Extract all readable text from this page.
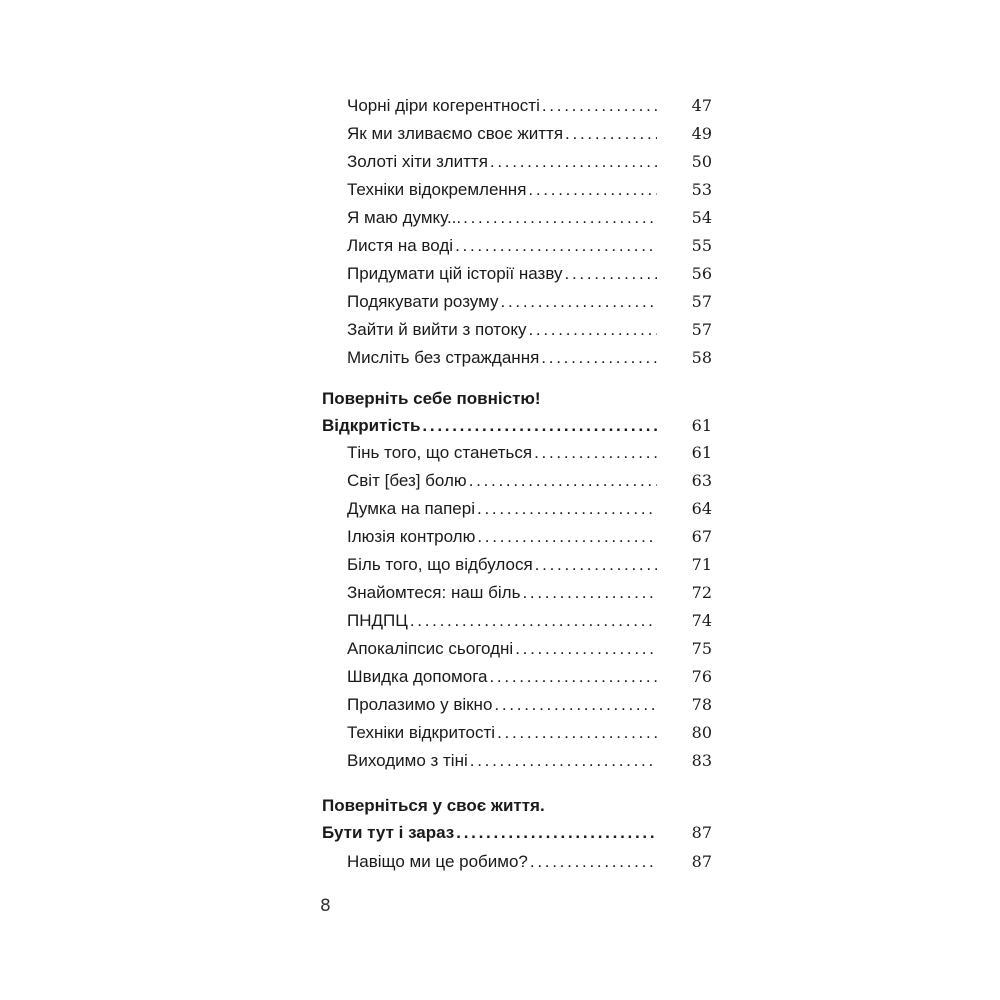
Чорні діри когерентності . . .	47
Як ми зливаємо своє життя . . .	49
Золоті хіти злиття . . .	50
Техніки відокремлення . . .	53
Я маю думку... . . .	54
Листя на воді . . .	55
Придумати цій історії назву . . .	56
Подякувати розуму . . .	57
Зайти й вийти з потоку . . .	57
Мисліть без страждання . . .	58
Поверніть себе повністю!
Відкритість . . .	61
Тінь того, що станеться . . .	61
Світ [без] болю . . .	63
Думка на папері . . .	64
Ілюзія контролю . . .	67
Біль того, що відбулося . . .	71
Знайомтеся: наш біль . . .	72
ПНДПЦ . . .	74
Апокаліпсис сьогодні . . .	75
Швидка допомога . . .	76
Пролазимо у вікно . . .	78
Техніки відкритості . . .	80
Виходимо з тіні . . .	83
Поверніться у своє життя.
Бути тут і зараз . . .	87
Навіщо ми це робимо? . . .	87
8
